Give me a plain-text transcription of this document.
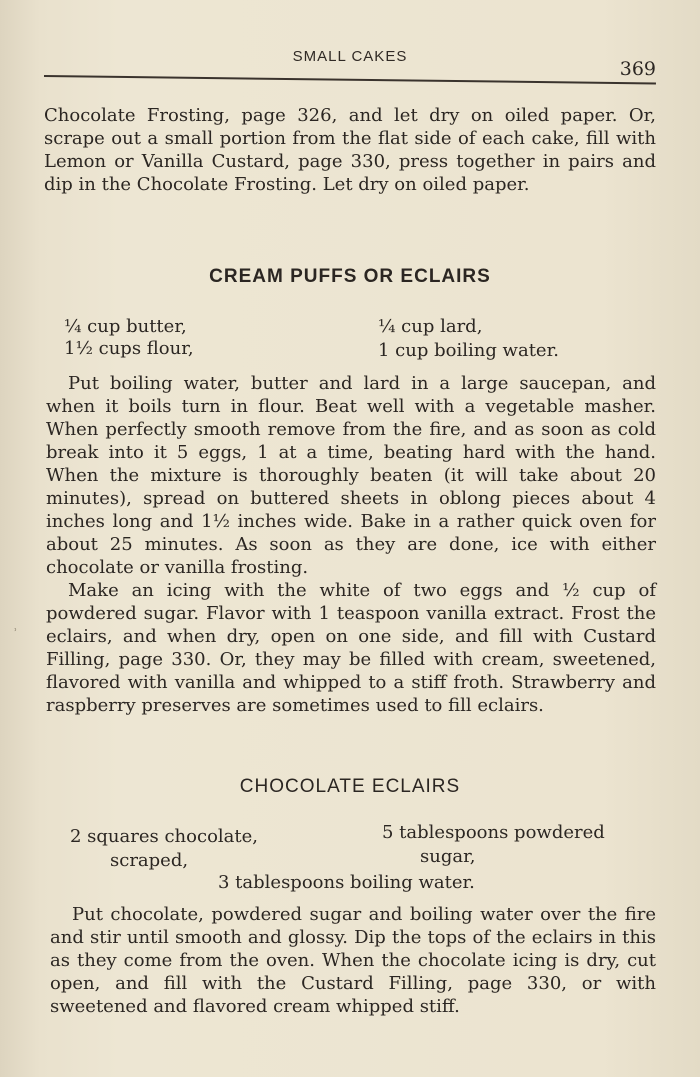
SMALL CAKES
369

Chocolate Frosting, page 326, and let dry on oiled paper. Or, scrape out a small portion from the flat side of each cake, fill with Lemon or Vanilla Custard, page 330, press together in pairs and dip in the Chocolate Frosting. Let dry on oiled paper.

CREAM PUFFS OR ECLAIRS
¼ cup butter,
1½ cups flour,
¼ cup lard,
1 cup boiling water.

Put boiling water, butter and lard in a large saucepan, and when it boils turn in flour. Beat well with a vegetable masher. When perfectly smooth remove from the fire, and as soon as cold break into it 5 eggs, 1 at a time, beating hard with the hand. When the mixture is thoroughly beaten (it will take about 20 minutes), spread on buttered sheets in oblong pieces about 4 inches long and 1½ inches wide. Bake in a rather quick oven for about 25 minutes. As soon as they are done, ice with either chocolate or vanilla frosting.

Make an icing with the white of two eggs and ½ cup of powdered sugar. Flavor with 1 teaspoon vanilla extract. Frost the eclairs, and when dry, open on one side, and fill with Custard Filling, page 330. Or, they may be filled with cream, sweetened, flavored with vanilla and whipped to a stiff froth. Strawberry and raspberry preserves are sometimes used to fill eclairs.

CHOCOLATE ECLAIRS
2 squares chocolate,
scraped,
5 tablespoons powdered
sugar,
3 tablespoons boiling water.

Put chocolate, powdered sugar and boiling water over the fire and stir until smooth and glossy. Dip the tops of the eclairs in this as they come from the oven. When the chocolate icing is dry, cut open, and fill with the Custard Filling, page 330, or with sweetened and flavored cream whipped stiff.

˒
